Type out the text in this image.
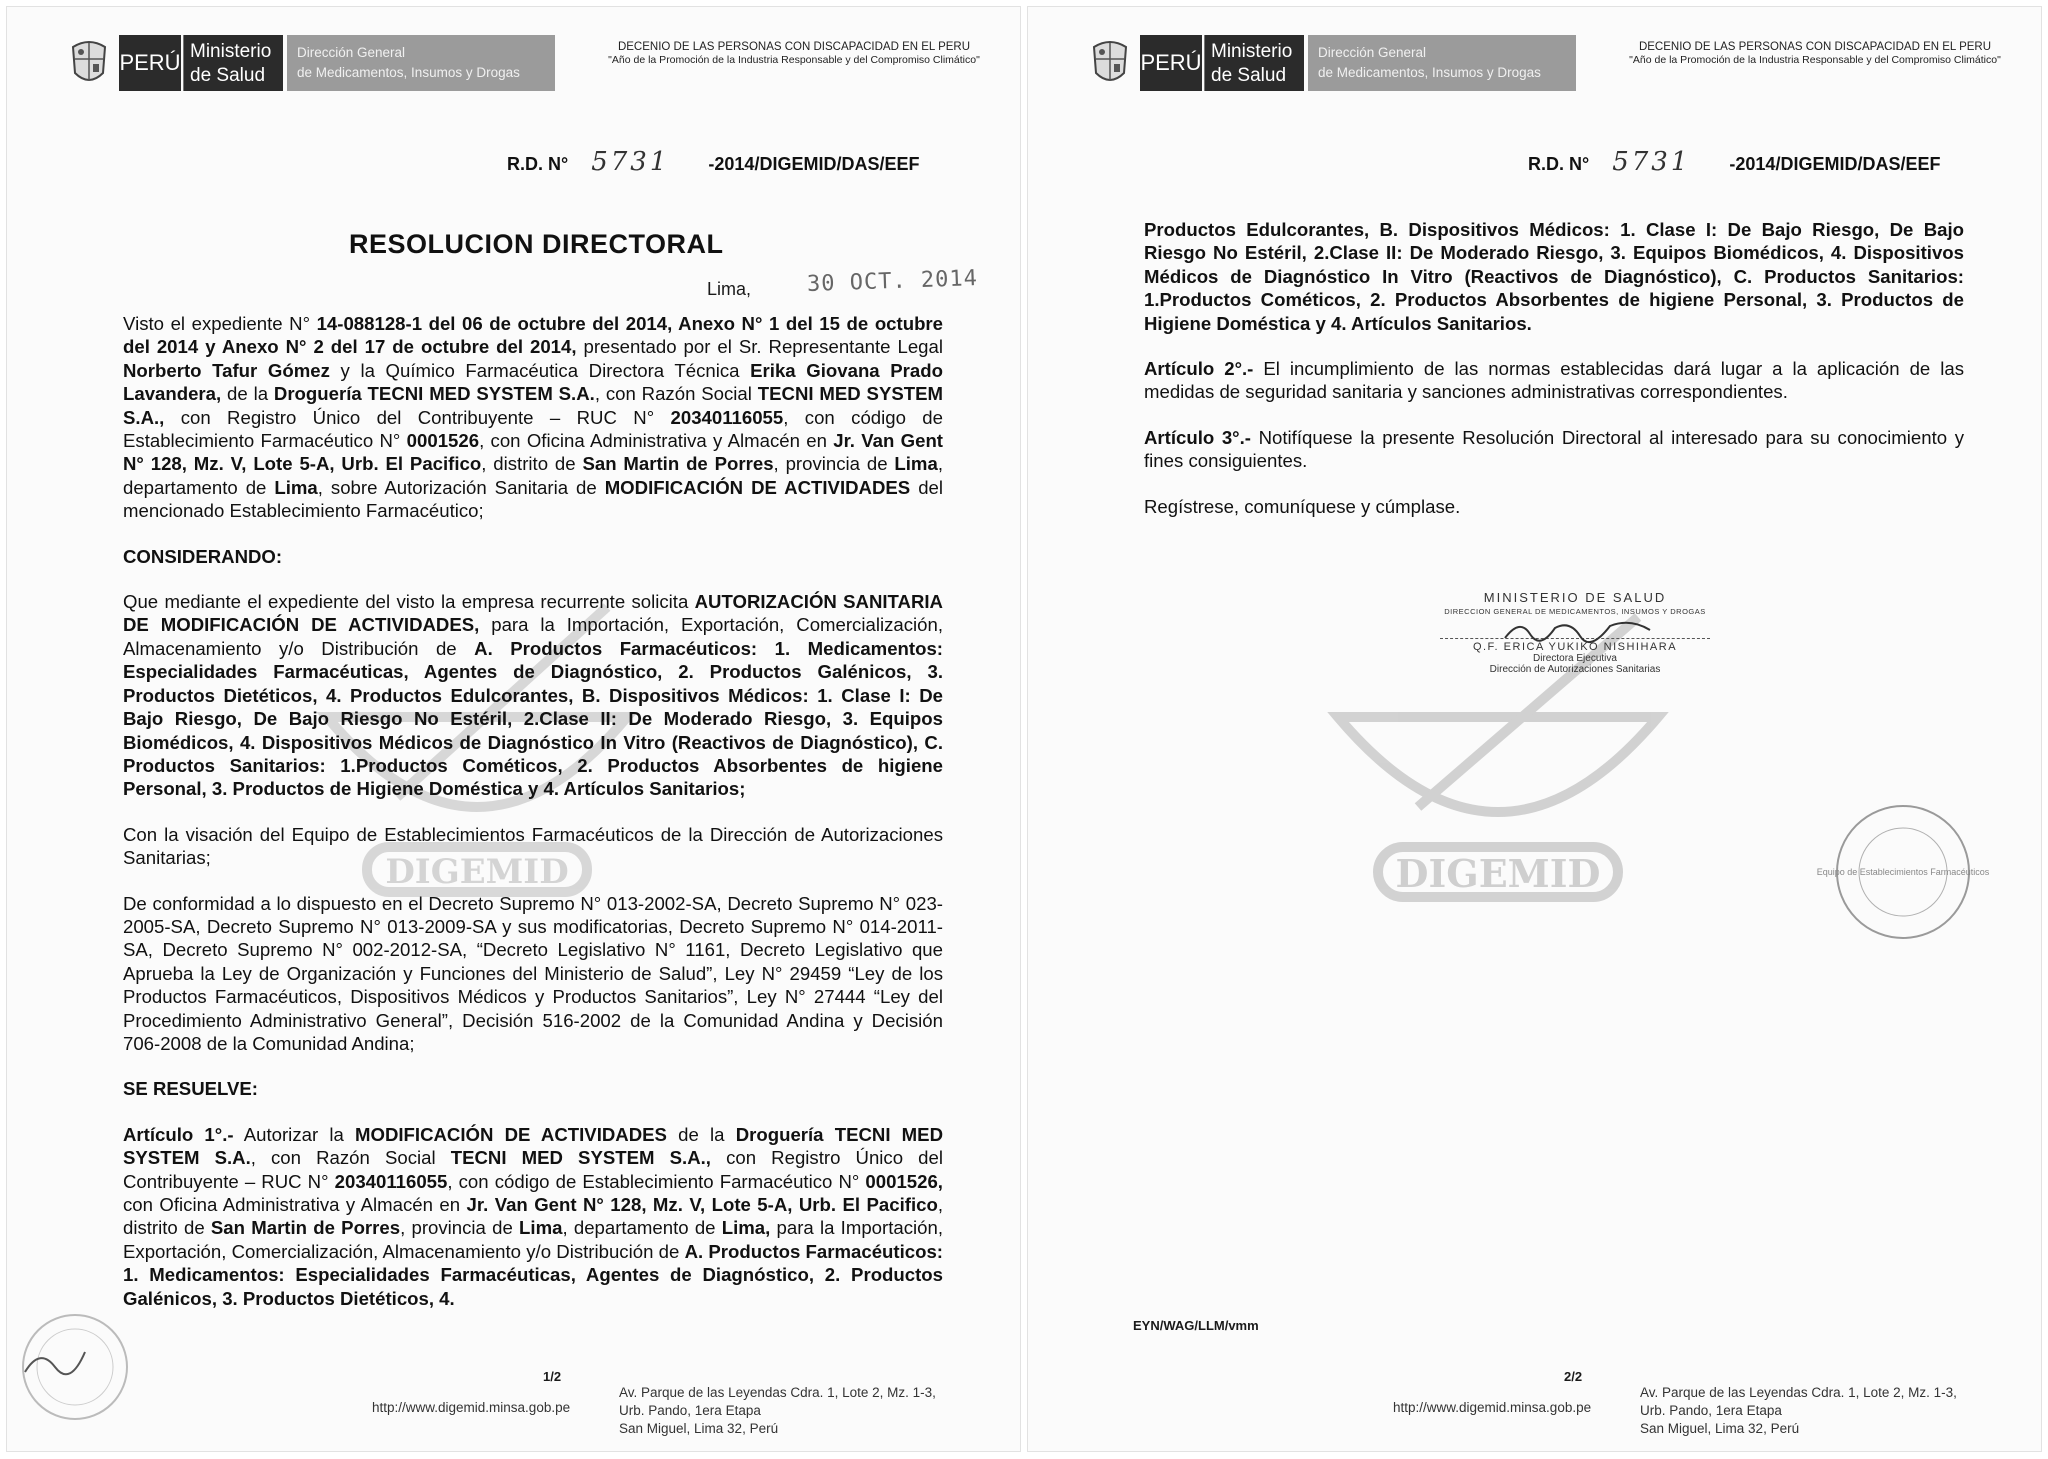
PERÚ Ministerio
de Salud
Dirección General
de Medicamentos, Insumos y Drogas
DECENIO DE LAS PERSONAS CON DISCAPACIDAD EN EL PERU
"Año de la Promoción de la Industria Responsable y del Compromiso Climático"
R.D. N° 5731 -2014/DIGEMID/DAS/EEF
RESOLUCION DIRECTORAL
Lima,	30 OCT. 2014
DIGEMID
1/2
http://www.digemid.minsa.gob.pe
Av. Parque de las Leyendas Cdra. 1, Lote 2, Mz. 1-3,
Urb. Pando, 1era Etapa
San Miguel, Lima 32, Perú

Visto el expediente N° 14-088128-1 del 06 de octubre del 2014, Anexo N° 1 del 15 de octubre del 2014 y Anexo N° 2 del 17 de octubre del 2014, presentado por el Sr. Representante Legal Norberto Tafur Gómez y la Químico Farmacéutica Directora Técnica Erika Giovana Prado Lavandera, de la Droguería TECNI MED SYSTEM S.A., con Razón Social TECNI MED SYSTEM S.A., con Registro Único del Contribuyente – RUC N° 20340116055, con código de Establecimiento Farmacéutico N° 0001526, con Oficina Administrativa y Almacén en Jr. Van Gent N° 128, Mz. V, Lote 5-A, Urb. El Pacifico, distrito de San Martin de Porres, provincia de Lima, departamento de Lima, sobre Autorización Sanitaria de MODIFICACIÓN DE ACTIVIDADES del mencionado Establecimiento Farmacéutico;

CONSIDERANDO:

Que mediante el expediente del visto la empresa recurrente solicita AUTORIZACIÓN SANITARIA DE MODIFICACIÓN DE ACTIVIDADES, para la Importación, Exportación, Comercialización, Almacenamiento y/o Distribución de A. Productos Farmacéuticos: 1. Medicamentos: Especialidades Farmacéuticas, Agentes de Diagnóstico, 2. Productos Galénicos, 3. Productos Dietéticos, 4. Productos Edulcorantes, B. Dispositivos Médicos: 1. Clase I: De Bajo Riesgo, De Bajo Riesgo No Estéril, 2.Clase II: De Moderado Riesgo, 3. Equipos Biomédicos, 4. Dispositivos Médicos de Diagnóstico In Vitro (Reactivos de Diagnóstico), C. Productos Sanitarios: 1.Productos Cométicos, 2. Productos Absorbentes de higiene Personal, 3. Productos de Higiene Doméstica y 4. Artículos Sanitarios;

Con la visación del Equipo de Establecimientos Farmacéuticos de la Dirección de Autorizaciones Sanitarias;

De conformidad a lo dispuesto en el Decreto Supremo N° 013-2002-SA, Decreto Supremo N° 023-2005-SA, Decreto Supremo N° 013-2009-SA y sus modificatorias, Decreto Supremo N° 014-2011-SA, Decreto Supremo N° 002-2012-SA, “Decreto Legislativo N° 1161, Decreto Legislativo que Aprueba la Ley de Organización y Funciones del Ministerio de Salud”, Ley N° 29459 “Ley de los Productos Farmacéuticos, Dispositivos Médicos y Productos Sanitarios”, Ley N° 27444 “Ley del Procedimiento Administrativo General”, Decisión 516-2002 de la Comunidad Andina y Decisión 706-2008 de la Comunidad Andina;

SE RESUELVE:

Artículo 1°.- Autorizar la MODIFICACIÓN DE ACTIVIDADES de la Droguería TECNI MED SYSTEM S.A., con Razón Social TECNI MED SYSTEM S.A., con Registro Único del Contribuyente – RUC N° 20340116055, con código de Establecimiento Farmacéutico N° 0001526, con Oficina Administrativa y Almacén en Jr. Van Gent N° 128, Mz. V, Lote 5-A, Urb. El Pacifico, distrito de San Martin de Porres, provincia de Lima, departamento de Lima, para la Importación, Exportación, Comercialización, Almacenamiento y/o Distribución de A. Productos Farmacéuticos: 1. Medicamentos: Especialidades Farmacéuticas, Agentes de Diagnóstico, 2. Productos Galénicos, 3. Productos Dietéticos, 4.

PERÚ Ministerio
de Salud
Dirección General
de Medicamentos, Insumos y Drogas
DECENIO DE LAS PERSONAS CON DISCAPACIDAD EN EL PERU
"Año de la Promoción de la Industria Responsable y del Compromiso Climático"
R.D. N° 5731 -2014/DIGEMID/DAS/EEF
DIGEMID	Equipo de Establecimientos Farmacéuticos
2/2
http://www.digemid.minsa.gob.pe
Av. Parque de las Leyendas Cdra. 1, Lote 2, Mz. 1-3,
Urb. Pando, 1era Etapa
San Miguel, Lima 32, Perú

Productos Edulcorantes, B. Dispositivos Médicos: 1. Clase I: De Bajo Riesgo, De Bajo Riesgo No Estéril, 2.Clase II: De Moderado Riesgo, 3. Equipos Biomédicos, 4. Dispositivos Médicos de Diagnóstico In Vitro (Reactivos de Diagnóstico), C. Productos Sanitarios: 1.Productos Cométicos, 2. Productos Absorbentes de higiene Personal, 3. Productos de Higiene Doméstica y 4. Artículos Sanitarios.

Artículo 2°.- El incumplimiento de las normas establecidas dará lugar a la aplicación de las medidas de seguridad sanitaria y sanciones administrativas correspondientes.

Artículo 3°.- Notifíquese la presente Resolución Directoral al interesado para su conocimiento y fines consiguientes.

Regístrese, comuníquese y cúmplase.

MINISTERIO DE SALUD
DIRECCION GENERAL DE MEDICAMENTOS, INSUMOS Y DROGAS
Q.F. ERICA YUKIKO NISHIHARA
Directora Ejecutiva
Dirección de Autorizaciones Sanitarias
EYN/WAG/LLM/vmm
